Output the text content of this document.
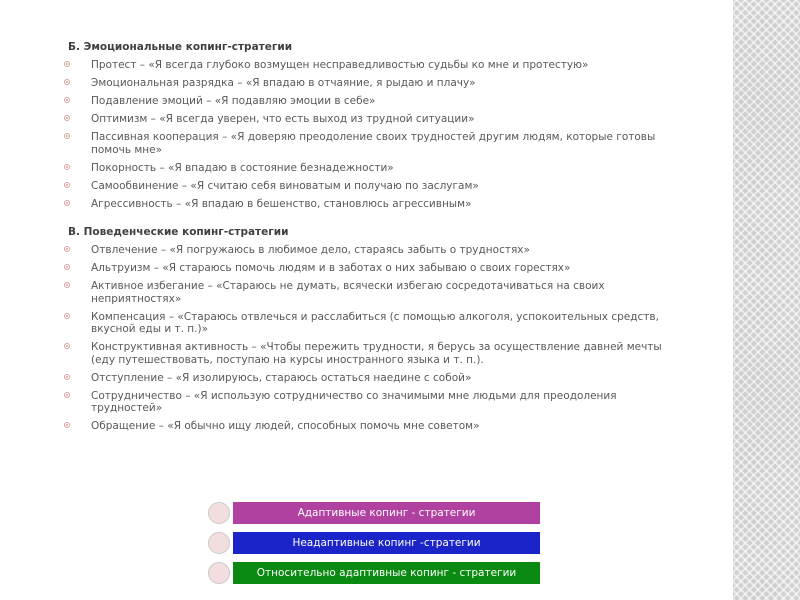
Б. Эмоциональные копинг-стратегии
Протест – «Я всегда глубоко возмущен несправедливостью судьбы ко мне и протестую»
Эмоциональная разрядка – «Я впадаю в отчаяние, я рыдаю и плачу»
Подавление эмоций – «Я подавляю эмоции в себе»
Оптимизм – «Я всегда уверен, что есть выход из трудной ситуации»
Пассивная кооперация – «Я доверяю преодоление своих трудностей другим людям, которые готовы помочь мне»
Покорность – «Я впадаю в состояние безнадежности»
Самообвинение – «Я считаю себя виноватым и получаю по заслугам»
Агрессивность – «Я впадаю в бешенство, становлюсь агрессивным»
В. Поведенческие копинг-стратегии
Отвлечение – «Я погружаюсь в любимое дело, стараясь забыть о трудностях»
Альтруизм – «Я стараюсь помочь людям и в заботах о них забываю о своих горестях»
Активное избегание – «Стараюсь не думать, всячески избегаю сосредотачиваться на своих неприятностях»
Компенсация – «Стараюсь отвлечься и расслабиться (с помощью алкоголя, успокоительных средств, вкусной еды и т. п.)»
Конструктивная активность – «Чтобы пережить трудности, я берусь за осуществление давней мечты (еду путешествовать, поступаю на курсы иностранного языка и т. п.).
Отступление – «Я изолируюсь, стараюсь остаться наедине с собой»
Сотрудничество – «Я использую сотрудничество со значимыми мне людьми для преодоления трудностей»
Обращение – «Я обычно ищу людей, способных помочь мне советом»
Адаптивные копинг - стратегии
Неадаптивные копинг -стратегии
Относительно адаптивные копинг - стратегии
